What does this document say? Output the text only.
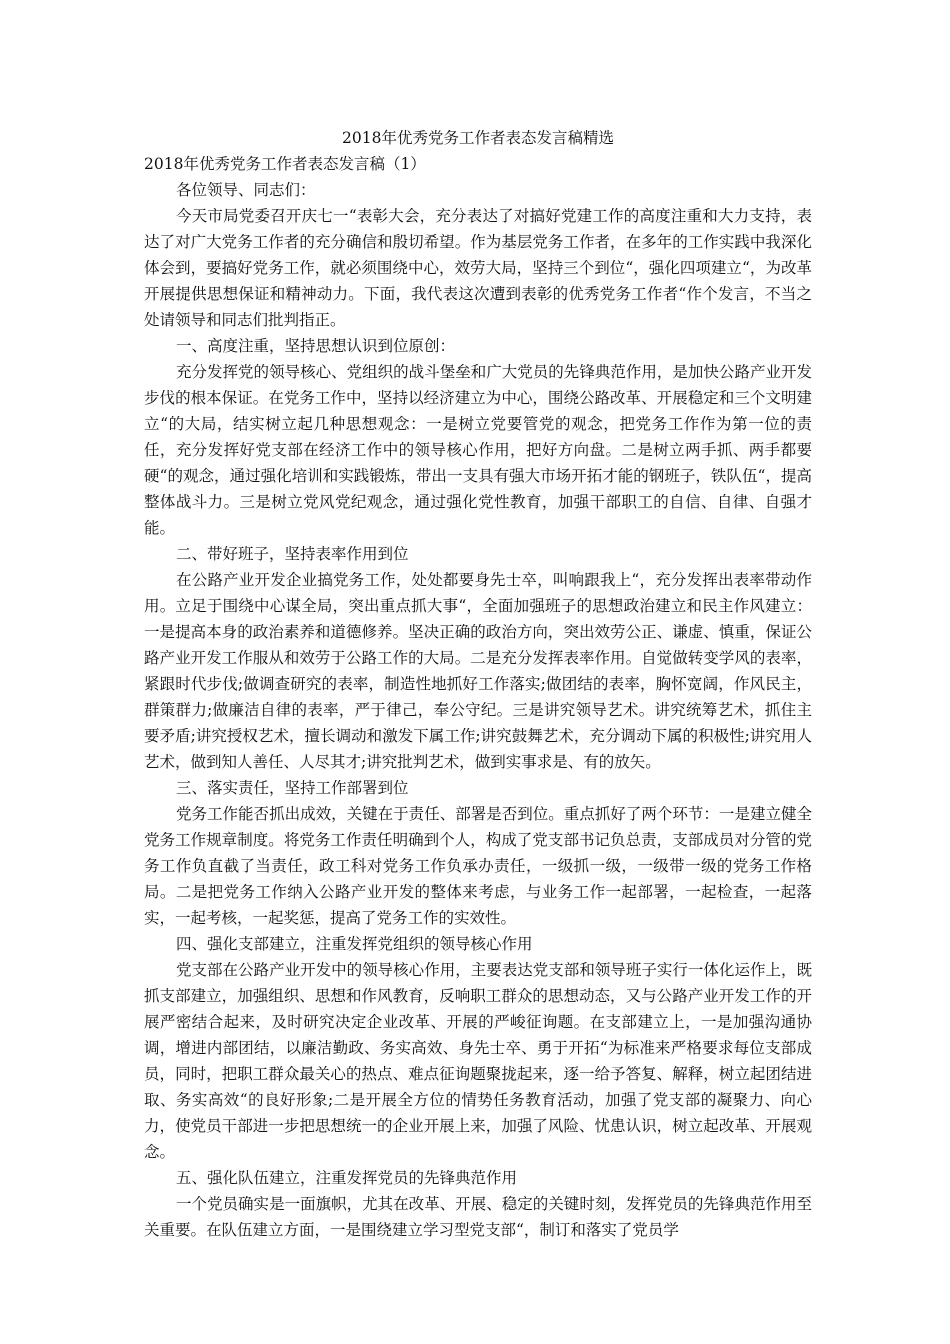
2018年优秀党务工作者表态发言稿精选

2018年优秀党务工作者表态发言稿（1）

各位领导、同志们：

今天市局党委召开庆七一“表彰大会，充分表达了对搞好党建工作的高度注重和大力支持，表达了对广大党务工作者的充分确信和殷切希望。作为基层党务工作者，在多年的工作实践中我深化体会到，要搞好党务工作，就必须围绕中心，效劳大局，坚持三个到位“，强化四项建立“，为改革开展提供思想保证和精神动力。下面，我代表这次遭到表彰的优秀党务工作者“作个发言，不当之处请领导和同志们批判指正。

一、高度注重，坚持思想认识到位原创：

充分发挥党的领导核心、党组织的战斗堡垒和广大党员的先锋典范作用，是加快公路产业开发步伐的根本保证。在党务工作中，坚持以经济建立为中心，围绕公路改革、开展稳定和三个文明建立“的大局，结实树立起几种思想观念：一是树立党要管党的观念，把党务工作作为第一位的责任，充分发挥好党支部在经济工作中的领导核心作用，把好方向盘。二是树立两手抓、两手都要硬“的观念，通过强化培训和实践锻炼，带出一支具有强大市场开拓才能的钢班子，铁队伍“，提高整体战斗力。三是树立党风党纪观念，通过强化党性教育，加强干部职工的自信、自律、自强才能。

二、带好班子，坚持表率作用到位

在公路产业开发企业搞党务工作，处处都要身先士卒，叫响跟我上“，充分发挥出表率带动作用。立足于围绕中心谋全局，突出重点抓大事“，全面加强班子的思想政治建立和民主作风建立：一是提高本身的政治素养和道德修养。坚决正确的政治方向，突出效劳公正、谦虚、慎重，保证公路产业开发工作服从和效劳于公路工作的大局。二是充分发挥表率作用。自觉做转变学风的表率，紧跟时代步伐;做调查研究的表率，制造性地抓好工作落实;做团结的表率，胸怀宽阔，作风民主，群策群力;做廉洁自律的表率，严于律己，奉公守纪。三是讲究领导艺术。讲究统筹艺术，抓住主要矛盾;讲究授权艺术，擅长调动和激发下属工作;讲究鼓舞艺术，充分调动下属的积极性;讲究用人艺术，做到知人善任、人尽其才;讲究批判艺术，做到实事求是、有的放矢。

三、落实责任，坚持工作部署到位

党务工作能否抓出成效，关键在于责任、部署是否到位。重点抓好了两个环节：一是建立健全党务工作规章制度。将党务工作责任明确到个人，构成了党支部书记负总责，支部成员对分管的党务工作负直截了当责任，政工科对党务工作负承办责任，一级抓一级，一级带一级的党务工作格局。二是把党务工作纳入公路产业开发的整体来考虑，与业务工作一起部署，一起检查，一起落实，一起考核，一起奖惩，提高了党务工作的实效性。

四、强化支部建立，注重发挥党组织的领导核心作用

党支部在公路产业开发中的领导核心作用，主要表达党支部和领导班子实行一体化运作上，既抓支部建立，加强组织、思想和作风教育，反响职工群众的思想动态，又与公路产业开发工作的开展严密结合起来，及时研究决定企业改革、开展的严峻征询题。在支部建立上，一是加强沟通协调，增进内部团结，以廉洁勤政、务实高效、身先士卒、勇于开拓“为标准来严格要求每位支部成员，同时，把职工群众最关心的热点、难点征询题聚拢起来，逐一给予答复、解释，树立起团结进取、务实高效“的良好形象;二是开展全方位的情势任务教育活动，加强了党支部的凝聚力、向心力，使党员干部进一步把思想统一的企业开展上来，加强了风险、忧患认识，树立起改革、开展观念。

五、强化队伍建立，注重发挥党员的先锋典范作用

一个党员确实是一面旗帜，尤其在改革、开展、稳定的关键时刻，发挥党员的先锋典范作用至关重要。在队伍建立方面，一是围绕建立学习型党支部“，制订和落实了党员学
